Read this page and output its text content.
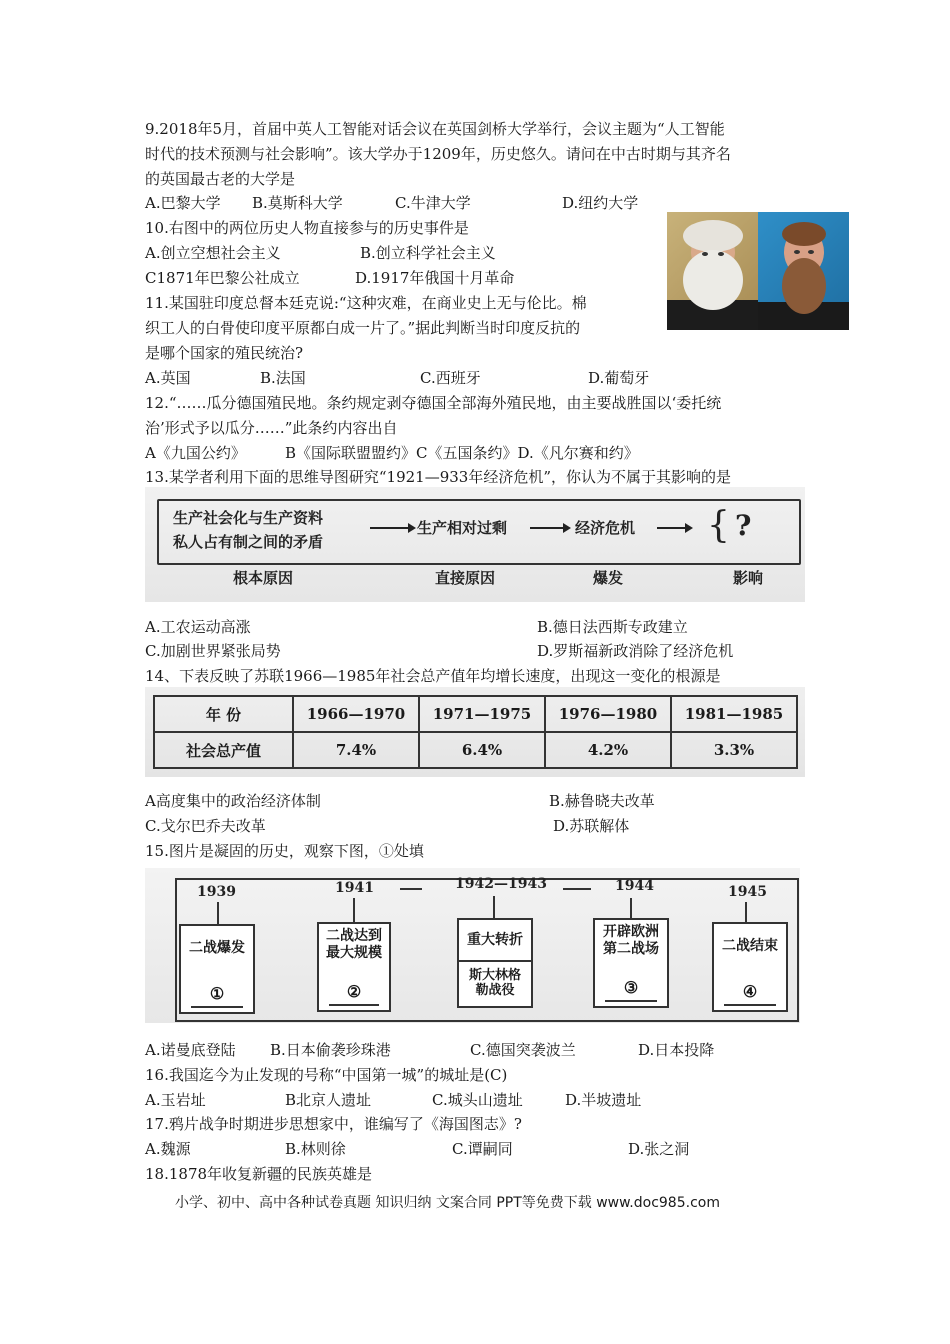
9.2018年5月，首届中英人工智能对话会议在英国剑桥大学举行，会议主题为“人工智能
时代的技术预测与社会影响”。该大学办于1209年，历史悠久。请问在中古时期与其齐名
的英国最古老的大学是
A.巴黎大学 B.莫斯科大学	C.牛津大学	D.纽约大学
10.右图中的两位历史人物直接参与的历史事件是
A.创立空想社会主义	B.创立科学社会主义
C1871年巴黎公社成立	D.1917年俄国十月革命
11.某国驻印度总督本廷克说:“这种灾难，在商业史上无与伦比。棉
织工人的白骨使印度平原都白成一片了。”据此判断当时印度反抗的
是哪个国家的殖民统治?
A.英国	B.法国	C.西班牙	D.葡萄牙
12.“……瓜分德国殖民地。条约规定剥夺德国全部海外殖民地，由主要战胜国以‘委托统
治’形式予以瓜分……”此条约内容出自
A《九国公约》	B《国际联盟盟约》C《五国条约》D.《凡尔赛和约》
13.某学者利用下面的思维导图研究“1921—933年经济危机”，你认为不属于其影响的是
生产社会化与生产资料
私人占有制之间的矛盾
生产相对过剩	经济危机 { ?
根本原因	直接原因	爆发	影响
A.工农运动高涨	B.德日法西斯专政建立
C.加剧世界紧张局势	D.罗斯福新政消除了经济危机
14、下表反映了苏联1966—1985年社会总产值年均增长速度，出现这一变化的根源是
年 份	1966—1970	1971—1975	1976—1980	1981—1985
社会总产值	7.4%	6.4%	4.2%	3.3%
A高度集中的政治经济体制	B.赫鲁晓夫改革
C.戈尔巴乔夫改革	D.苏联解体
15.图片是凝固的历史，观察下图，①处填
1939	1941	1942—1943	1944	1945
二战爆发
①
二战达到最大规模
②
重大转折
斯大林格勒战役
开辟欧洲第二战场
③
二战结束
④
A.诺曼底登陆 B.日本偷袭珍珠港	C.德国突袭波兰	D.日本投降
16.我国迄今为止发现的号称“中国第一城”的城址是(C)
A.玉岩址	B北京人遗址	C.城头山遗址	D.半坡遗址
17.鸦片战争时期进步思想家中，谁编写了《海国图志》?
A.魏源	B.林则徐	C.谭嗣同	D.张之洞
18.1878年收复新疆的民族英雄是
小学、初中、高中各种试卷真题 知识归纳 文案合同 PPT等免费下载 www.doc985.com
